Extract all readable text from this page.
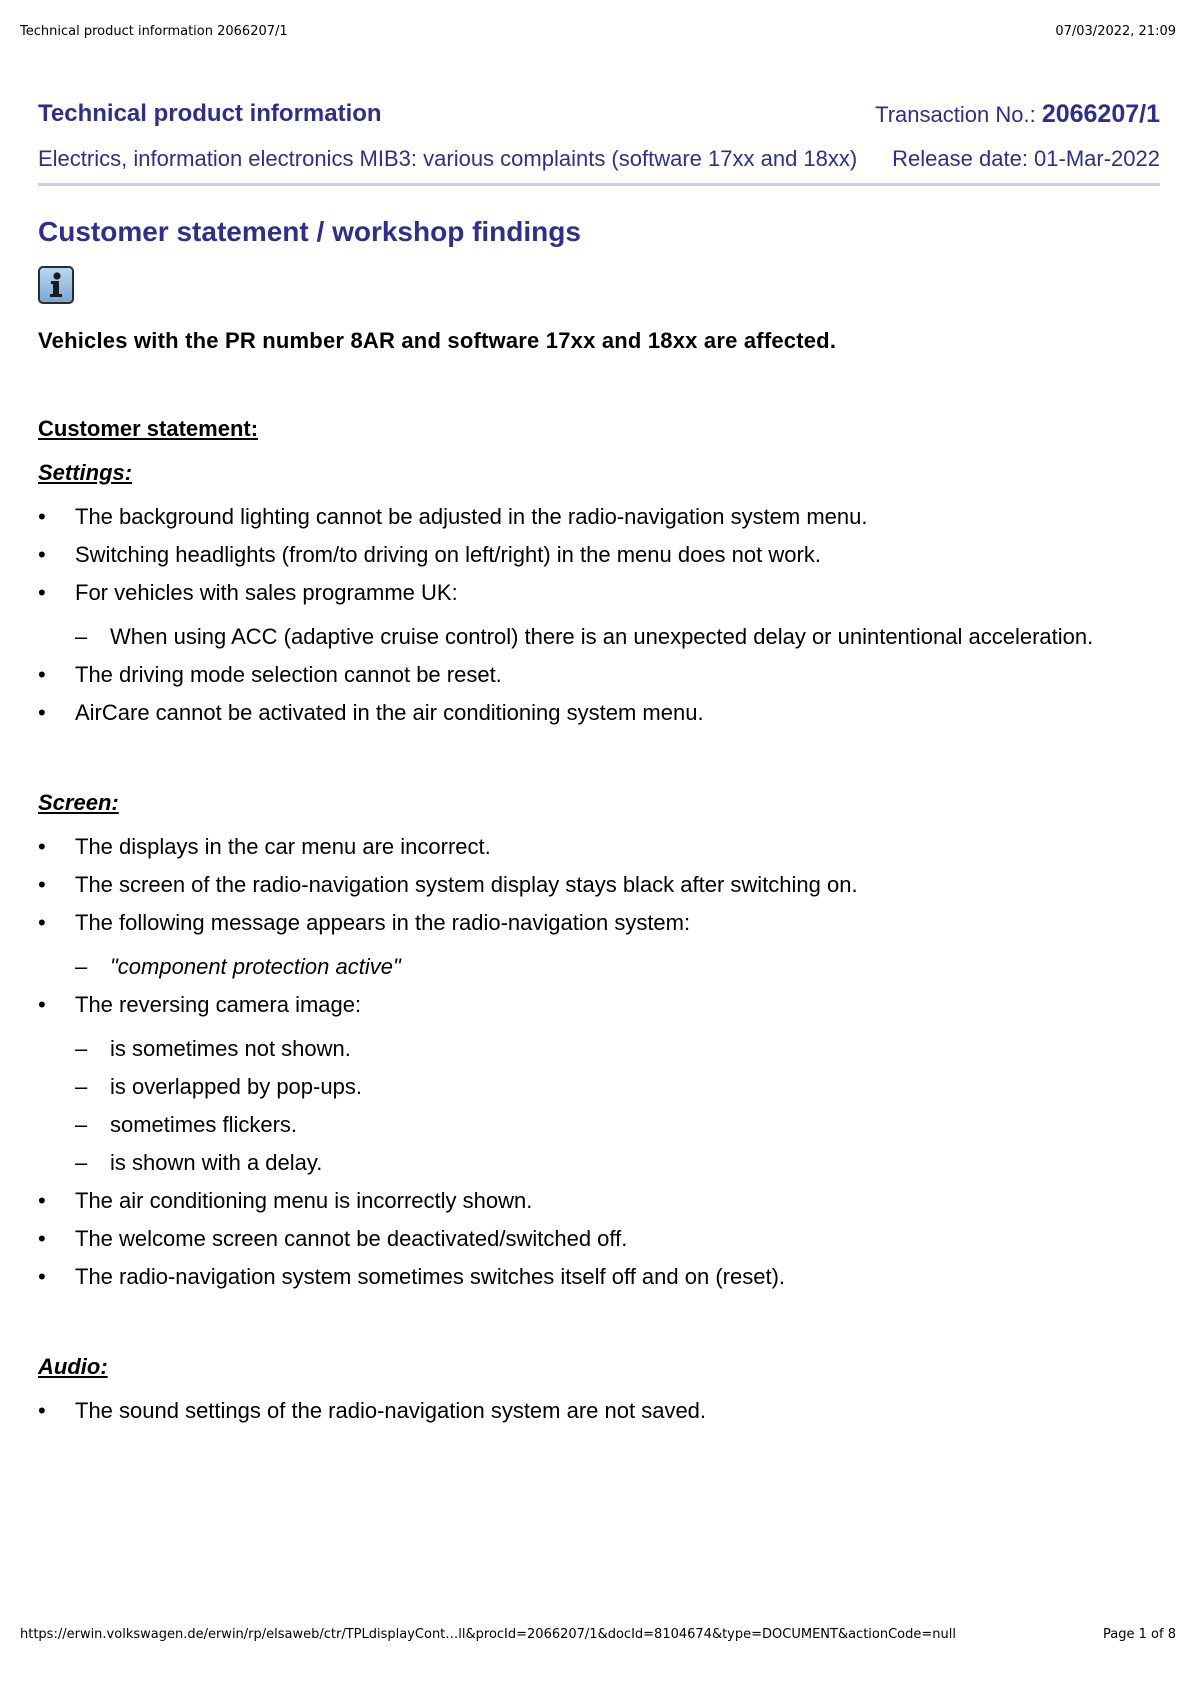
Technical product information 2066207/1	07/03/2022, 21:09
Technical product information	Transaction No.: 2066207/1
Electrics, information electronics MIB3: various complaints (software 17xx and 18xx) Release date: 01-Mar-2022
Customer statement / workshop findings
Vehicles with the PR number 8AR and software 17xx and 18xx are affected.
Customer statement:
Settings:
• The background lighting cannot be adjusted in the radio-navigation system menu.
• Switching headlights (from/to driving on left/right) in the menu does not work.
• For vehicles with sales programme UK:
– When using ACC (adaptive cruise control) there is an unexpected delay or unintentional acceleration.
• The driving mode selection cannot be reset.
• AirCare cannot be activated in the air conditioning system menu.
Screen:
• The displays in the car menu are incorrect.
• The screen of the radio-navigation system display stays black after switching on.
• The following message appears in the radio-navigation system:
– "component protection active"
• The reversing camera image:
– is sometimes not shown.
– is overlapped by pop-ups.
– sometimes flickers.
– is shown with a delay.
• The air conditioning menu is incorrectly shown.
• The welcome screen cannot be deactivated/switched off.
• The radio-navigation system sometimes switches itself off and on (reset).
Audio:
• The sound settings of the radio-navigation system are not saved.
https://erwin.volkswagen.de/erwin/rp/elsaweb/ctr/TPLdisplayCont…ll&procId=2066207/1&docId=8104674&type=DOCUMENT&actionCode=null	Page 1 of 8
